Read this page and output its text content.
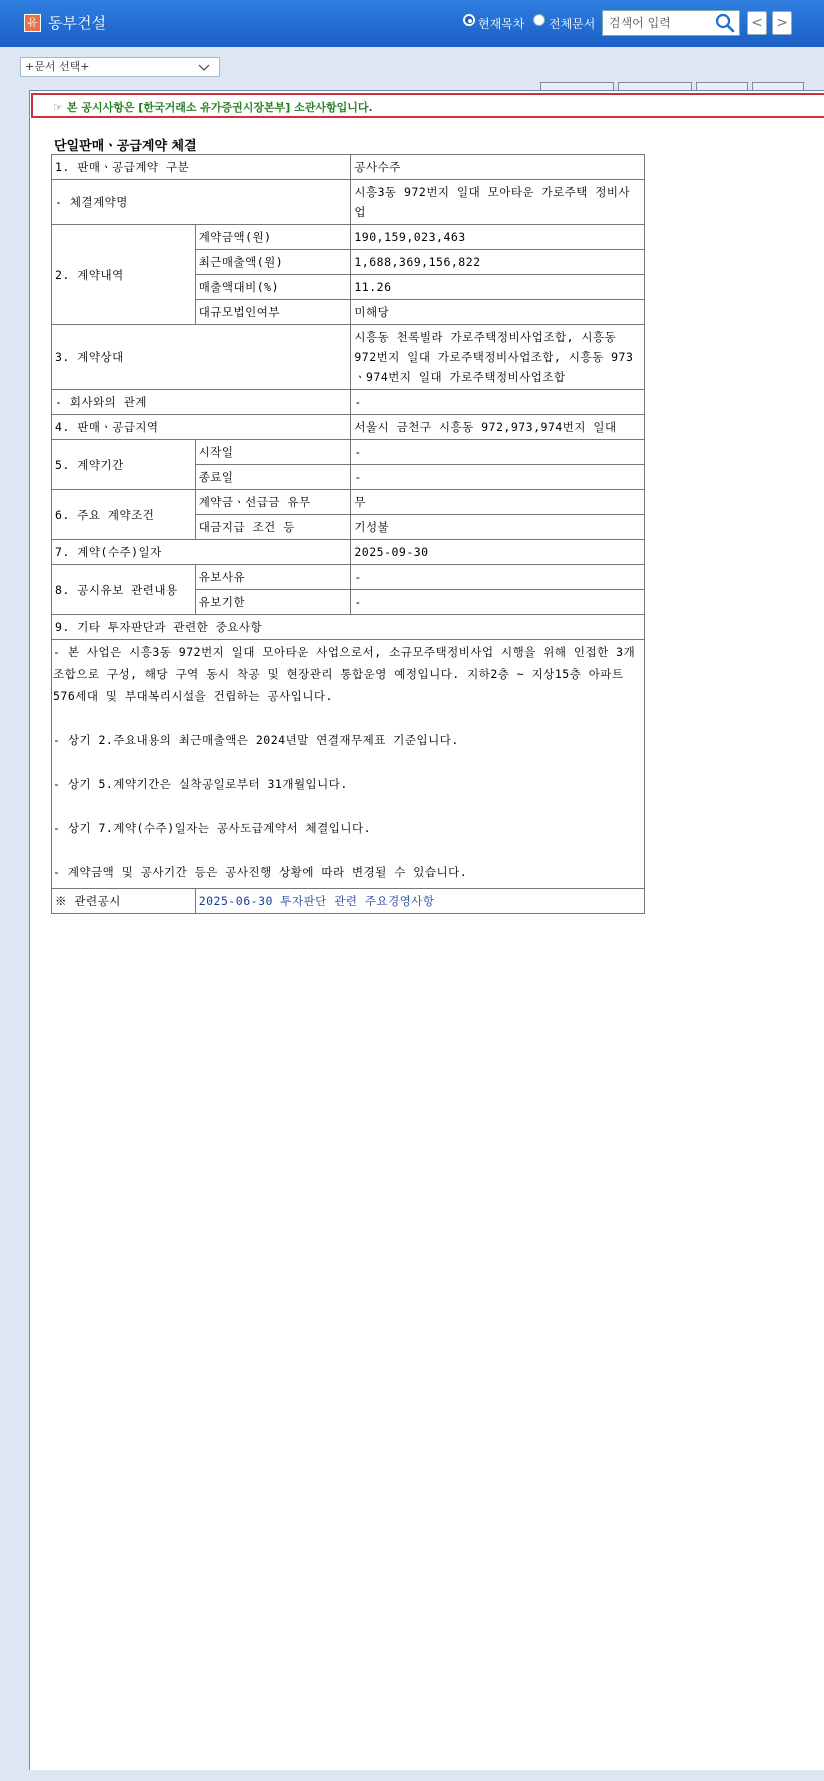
유 동부건설	현재목차 전체문서
검색어 입력	< >
+문서 선택+
☞ 본 공시사항은 [한국거래소 유가증권시장본부] 소관사항입니다.
단일판매ㆍ공급계약 체결
1. 판매ㆍ공급계약 구분		공사수주
- 체결계약명		시흥3동 972번지 일대 모아타운 가로주택 정비사업
2. 계약내역	계약금액(원)	190,159,023,463
	최근매출액(원)	1,688,369,156,822
	매출액대비(%)	11.26
	대규모법인여부	미해당
3. 계약상대		시흥동 천록빌라 가로주택정비사업조합, 시흥동 972번지 일대 가로주택정비사업조합, 시흥동 973ㆍ974번지 일대 가로주택정비사업조합
- 회사와의 관계		-
4. 판매ㆍ공급지역		서울시 금천구 시흥동 972,973,974번지 일대
5. 계약기간	시작일	-
	종료일	-
6. 주요 계약조건	계약금ㆍ선급금 유무	무
	대금지급 조건 등	기성불
7. 계약(수주)일자		2025-09-30
8. 공시유보 관련내용	유보사유	-
	유보기한	-
9. 기타 투자판단과 관련한 중요사항		

- 본 사업은 시흥3동 972번지 일대 모아타운 사업으로서, 소규모주택정비사업 시행을 위해 인접한 3개 조합으로 구성, 해당 구역 동시 착공 및 현장관리 통합운영 예정입니다. 지하2층 ~ 지상15층 아파트 576세대 및 부대복리시설을 건립하는 공사입니다.

- 상기 2.주요내용의 최근매출액은 2024년말 연결재무제표 기준입니다.

- 상기 5.계약기간은 실착공일로부터 31개월입니다.

- 상기 7.계약(수주)일자는 공사도급계약서 체결입니다.

- 계약금액 및 공사기간 등은 공사진행 상황에 따라 변경될 수 있습니다.		

※ 관련공시	2025-06-30 투자판단 관련 주요경영사항	
